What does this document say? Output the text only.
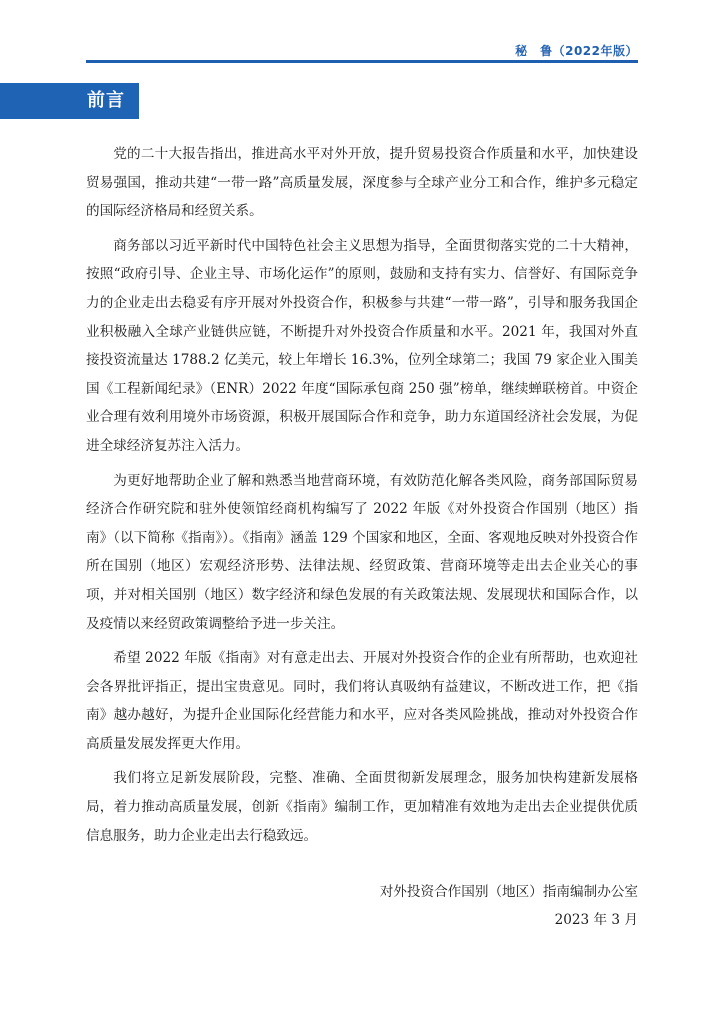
秘　鲁（2022年版）
前言

党的二十大报告指出，推进高水平对外开放，提升贸易投资合作质量和水平，加快建设贸易强国，推动共建“一带一路”高质量发展，深度参与全球产业分工和合作，维护多元稳定的国际经济格局和经贸关系。

商务部以习近平新时代中国特色社会主义思想为指导，全面贯彻落实党的二十大精神，按照“政府引导、企业主导、市场化运作”的原则，鼓励和支持有实力、信誉好、有国际竞争力的企业走出去稳妥有序开展对外投资合作，积极参与共建“一带一路”，引导和服务我国企业积极融入全球产业链供应链，不断提升对外投资合作质量和水平。2021 年，我国对外直接投资流量达 1788.2 亿美元，较上年增长 16.3%，位列全球第二；我国 79 家企业入围美国《工程新闻纪录》（ENR）2022 年度“国际承包商 250 强”榜单，继续蝉联榜首。中资企业合理有效利用境外市场资源，积极开展国际合作和竞争，助力东道国经济社会发展，为促进全球经济复苏注入活力。

为更好地帮助企业了解和熟悉当地营商环境，有效防范化解各类风险，商务部国际贸易经济合作研究院和驻外使领馆经商机构编写了 2022 年版《对外投资合作国别（地区）指南》（以下简称《指南》）。《指南》涵盖 129 个国家和地区，全面、客观地反映对外投资合作所在国别（地区）宏观经济形势、法律法规、经贸政策、营商环境等走出去企业关心的事项，并对相关国别（地区）数字经济和绿色发展的有关政策法规、发展现状和国际合作，以及疫情以来经贸政策调整给予进一步关注。

希望 2022 年版《指南》对有意走出去、开展对外投资合作的企业有所帮助，也欢迎社会各界批评指正，提出宝贵意见。同时，我们将认真吸纳有益建议，不断改进工作，把《指南》越办越好，为提升企业国际化经营能力和水平，应对各类风险挑战，推动对外投资合作高质量发展发挥更大作用。

我们将立足新发展阶段，完整、准确、全面贯彻新发展理念，服务加快构建新发展格局，着力推动高质量发展，创新《指南》编制工作，更加精准有效地为走出去企业提供优质信息服务，助力企业走出去行稳致远。

对外投资合作国别（地区）指南编制办公室
2023 年 3 月
